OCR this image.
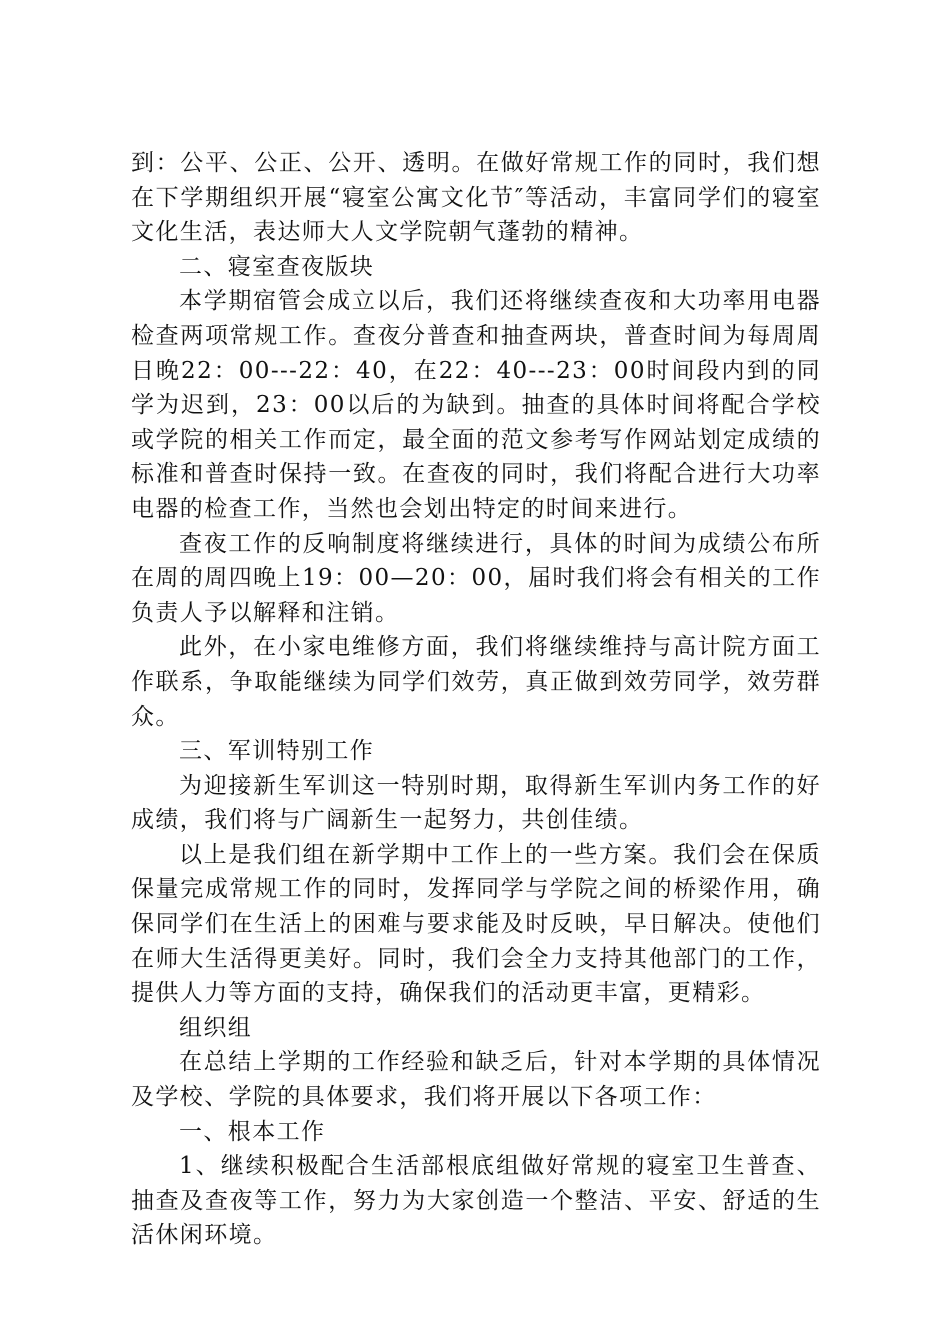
到：公平、公正、公开、透明。在做好常规工作的同时，我们想在下学期组织开展“寝室公寓文化节″等活动，丰富同学们的寝室文化生活，表达师大人文学院朝气蓬勃的精神。

二、寝室查夜版块

本学期宿管会成立以后，我们还将继续查夜和大功率用电器检查两项常规工作。查夜分普查和抽查两块，普查时间为每周周日晚22：00---22：40，在22：40---23：00时间段内到的同学为迟到，23：00以后的为缺到。抽查的具体时间将配合学校或学院的相关工作而定，最全面的范文参考写作网站划定成绩的标准和普查时保持一致。在查夜的同时，我们将配合进行大功率电器的检查工作，当然也会划出特定的时间来进行。

查夜工作的反响制度将继续进行，具体的时间为成绩公布所在周的周四晚上19：00—20：00，届时我们将会有相关的工作负责人予以解释和注销。

此外，在小家电维修方面，我们将继续维持与高计院方面工作联系，争取能继续为同学们效劳，真正做到效劳同学，效劳群众。

三、军训特别工作

为迎接新生军训这一特别时期，取得新生军训内务工作的好成绩，我们将与广阔新生一起努力，共创佳绩。

以上是我们组在新学期中工作上的一些方案。我们会在保质保量完成常规工作的同时，发挥同学与学院之间的桥梁作用，确保同学们在生活上的困难与要求能及时反映，早日解决。使他们在师大生活得更美好。同时，我们会全力支持其他部门的工作，提供人力等方面的支持，确保我们的活动更丰富，更精彩。

组织组

在总结上学期的工作经验和缺乏后，针对本学期的具体情况及学校、学院的具体要求，我们将开展以下各项工作：

一、根本工作

1、继续积极配合生活部根底组做好常规的寝室卫生普查、抽查及查夜等工作，努力为大家创造一个整洁、平安、舒适的生活休闲环境。
